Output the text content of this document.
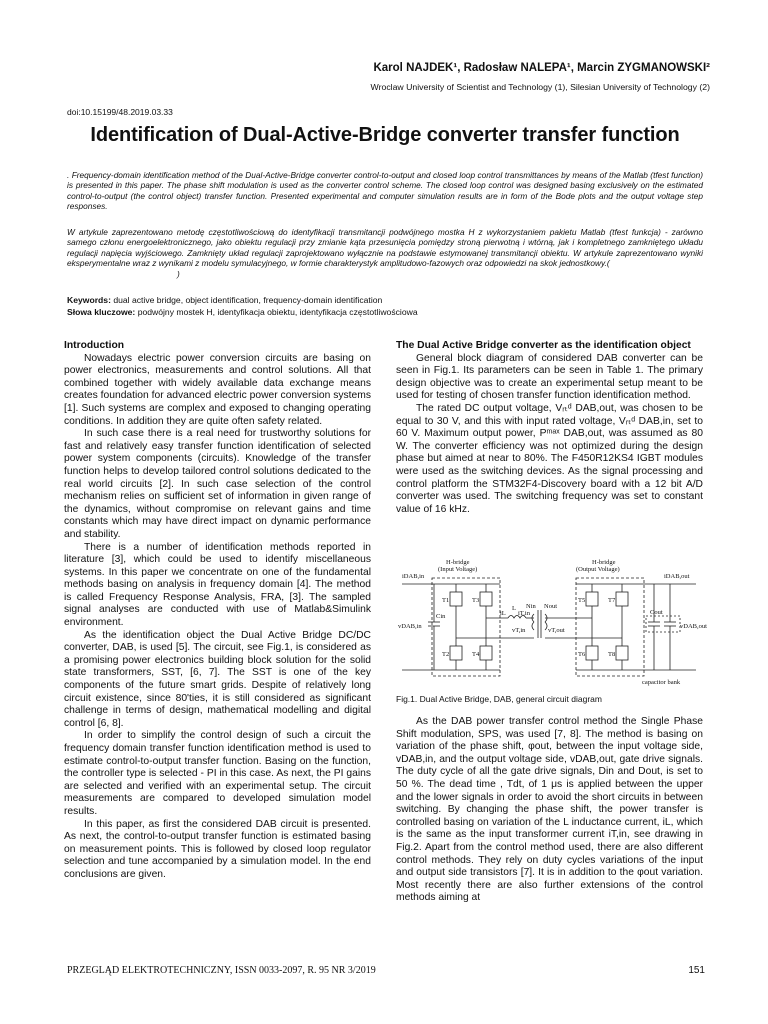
Karol NAJDEK¹, Radosław NALEPA¹, Marcin ZYGMANOWSKI²
Wroclaw University of Scientist and Technology (1), Silesian University of Technology (2)
doi:10.15199/48.2019.03.33
Identification of Dual-Active-Bridge converter transfer function
. Frequency-domain identification method of the Dual-Active-Bridge converter control-to-output and closed loop control transmittances by means of the Matlab (tfest function) is presented in this paper. The phase shift modulation is used as the converter control scheme. The closed loop control was designed basing exclusively on the estimated control-to-output (the control object) transfer function. Presented experimental and computer simulation results are in form of the Bode plots and the output voltage step responses.
W artykule zaprezentowano metodę częstotliwościową do identyfikacji transmitancji podwójnego mostka H z wykorzystaniem pakietu Matlab (tfest funkcja) - zarówno samego członu energoelektronicznego, jako obiektu regulacji przy zmianie kąta przesunięcia pomiędzy stroną pierwotną i wtórną, jak i kompletnego zamkniętego układu regulacji napięcia wyjściowego. Zamknięty układ regulacji zaprojektowano wyłącznie na podstawie estymowanej transmitancji obiektu. W artykule zaprezentowano wyniki eksperymentalne wraz z wynikami z modelu symulacyjnego, w formie charakterystyk amplitudowo-fazowych oraz odpowiedzi na skok jednostkowy.(
)
Keywords: dual active bridge, object identification, frequency-domain identification
Słowa kluczowe: podwójny mostek H, identyfikacja obiektu, identyfikacja częstotliwościowa
Introduction

Nowadays electric power conversion circuits are basing on power electronics, measurements and control solutions. All that combined together with widely available data exchange means creates foundation for advanced electric power conversion systems [1]. Such systems are complex and exposed to changing operating conditions. In addition they are quite often safety related.

In such case there is a real need for trustworthy solutions for fast and relatively easy transfer function identification of selected power system components (circuits). Knowledge of the transfer function helps to develop tailored control solutions dedicated to the real world circuits [2]. In such case selection of the control mechanism relies on sufficient set of information in given range of the dynamics, without compromise on relevant gains and time constants which may have direct impact on dynamic performance and stability.

There is a number of identification methods reported in literature [3], which could be used to identify miscellaneous systems. In this paper we concentrate on one of the fundamental methods basing on analysis in frequency domain [4]. The method is called Frequency Response Analysis, FRA, [3]. The sampled signal analyses are conducted with use of Matlab&Simulink environment.

As the identification object the Dual Active Bridge DC/DC converter, DAB, is used [5]. The circuit, see Fig.1, is considered as a promising power electronics building block solution for the solid state transformers, SST, [6, 7]. The SST is one of the key components of the future smart grids. Despite of relatively long circuit existence, since 80'ties, it is still considered as significant challenge in terms of design, mathematical modelling and digital control [6, 8].

In order to simplify the control design of such a circuit the frequency domain transfer function identification method is used to estimate control-to-output transfer function. Basing on the function, the controller type is selected - PI in this case. As next, the PI gains are selected and verified with an experimental setup. The circuit measurements are compared to developed simulation model results.

In this paper, as first the considered DAB circuit is presented. As next, the control-to-output transfer function is estimated basing on measurement points. This is followed by closed loop regulator selection and tune accompanied by a simulation model. In the end conclusions are given.

The Dual Active Bridge converter as the identification object

General block diagram of considered DAB converter can be seen in Fig.1. Its parameters can be seen in Table 1. The primary design objective was to create an experimental setup meant to be used for testing of chosen transfer function identification method.

The rated DC output voltage, Vᵣₜᵈ DAB,out, was chosen to be equal to 30 V, and this with input rated voltage, Vᵣₜᵈ DAB,in, set to 60 V. Maximum output power, Pᵐᵃˣ DAB,out, was assumed as 80 W. The converter efficiency was not optimized during the design phase but aimed at near to 80%. The F450R12KS4 IGBT modules were used as the switching devices. As the signal processing and control platform the STM32F4-Discovery board with a 12 bit A/D converter was used. The switching frequency was set to constant value of 16 kHz.

H-bridge
(Input Voltage)
H-bridge
(Output Voltage)
iDAB,in	iDAB,out
vDAB,in	vDAB,out
Cin
Cout
T1
T2
T3
T4
T5
T6
T7
T8
L
iL
Nin Nout
vT,in	vT,out
iT,in
capacitor bank
Fig.1. Dual Active Bridge, DAB, general circuit diagram

As the DAB power transfer control method the Single Phase Shift modulation, SPS, was used [7, 8]. The method is basing on variation of the phase shift, φout, between the input voltage side, vDAB,in, and the output voltage side, vDAB,out, gate drive signals. The duty cycle of all the gate drive signals, Din and Dout, is set to 50 %. The dead time , Tdt, of 1 μs is applied between the upper and the lower signals in order to avoid the short circuits in between switching. By changing the phase shift, the power transfer is controlled basing on variation of the L inductance current, iL, which is the same as the input transformer current iT,in, see drawing in Fig.2. Apart from the control method used, there are also different control methods. They rely on duty cycles variations of the input and output side transistors [7]. It is in addition to the φout variation. Most recently there are also further extensions of the control methods aiming at

PRZEGLĄD ELEKTROTECHNICZNY, ISSN 0033-2097, R. 95 NR 3/2019	151
